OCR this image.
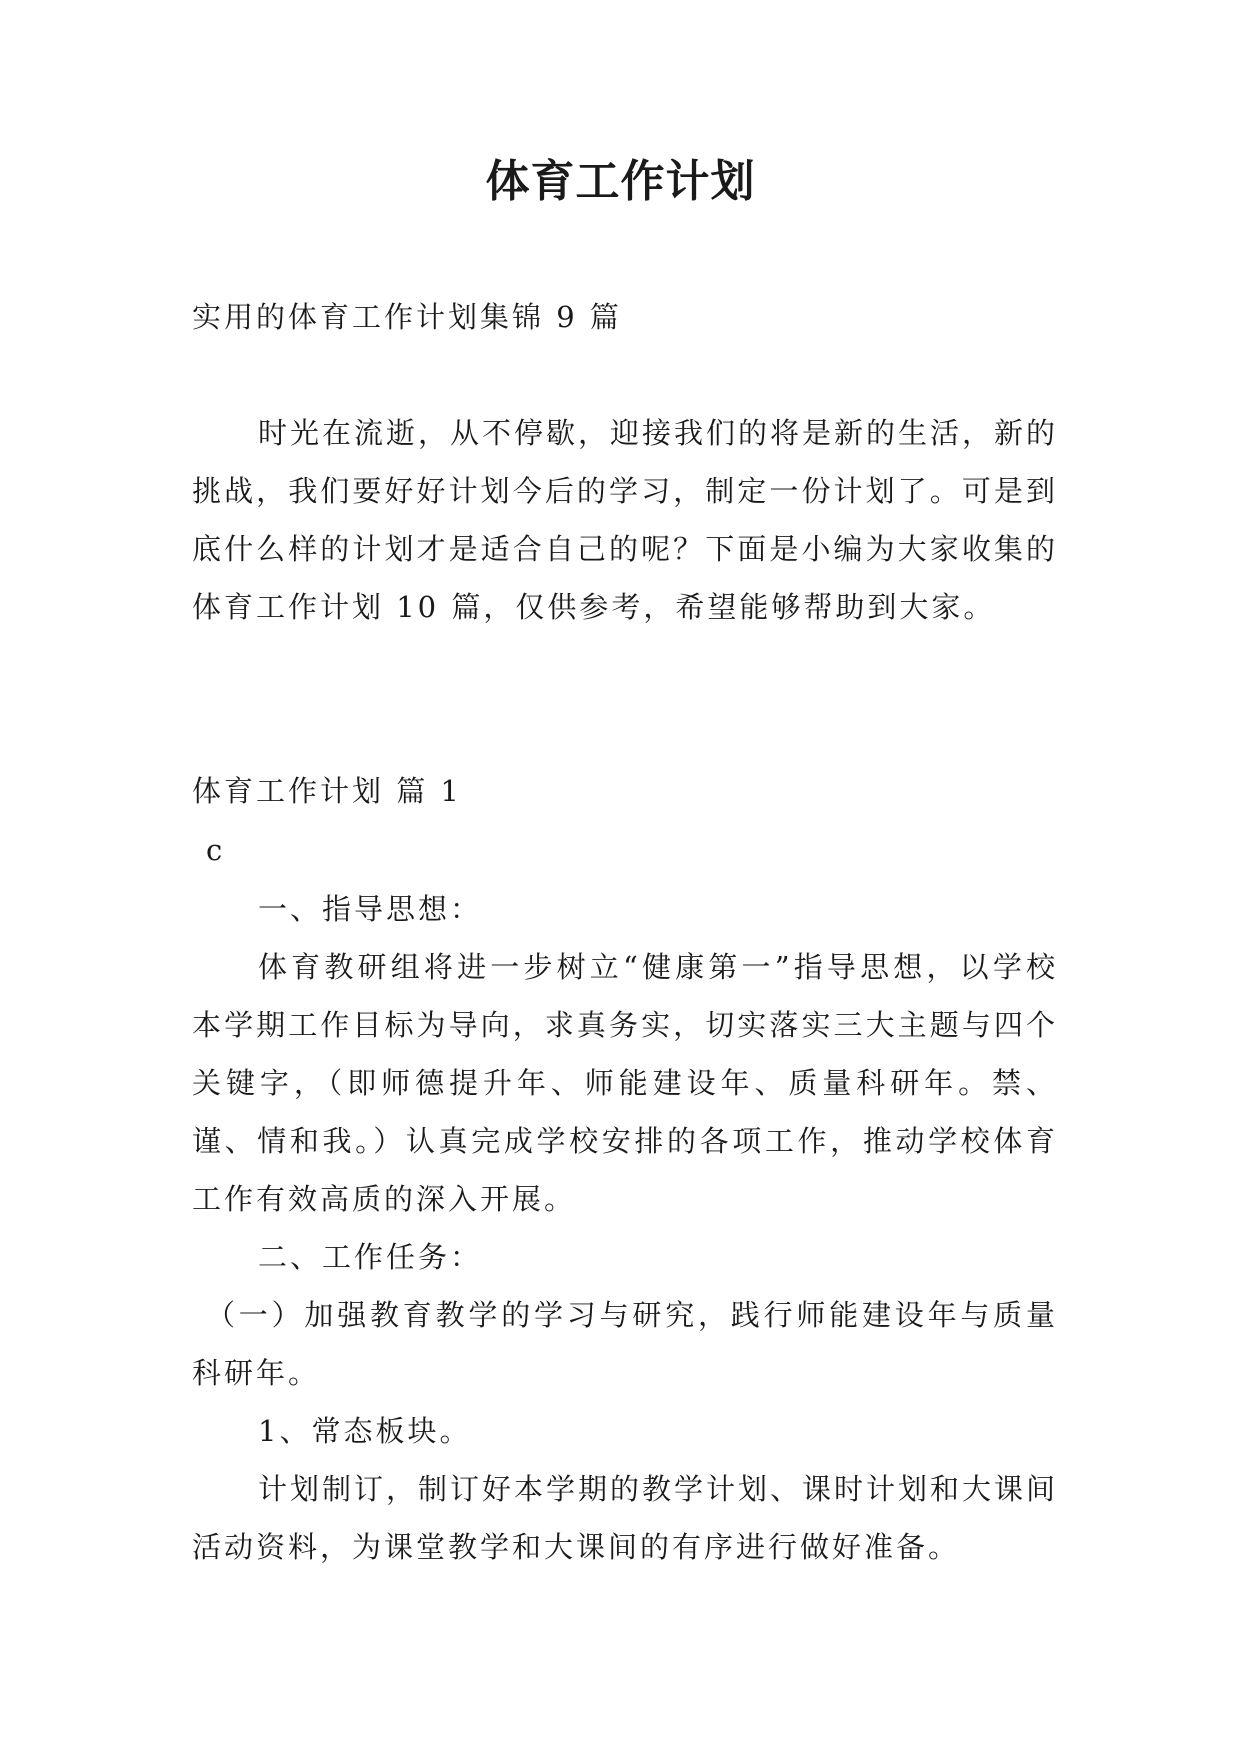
体育工作计划
实用的体育工作计划集锦 9 篇
时光在流逝，从不停歇，迎接我们的将是新的生活，新的挑战，我们要好好计划今后的学习，制定一份计划了。可是到底什么样的计划才是适合自己的呢？下面是小编为大家收集的体育工作计划 10 篇，仅供参考，希望能够帮助到大家。

体育工作计划 篇 1

c

一、指导思想：

体育教研组将进一步树立“健康第一”指导思想，以学校本学期工作目标为导向，求真务实，切实落实三大主题与四个关键字，（即师德提升年、师能建设年、质量科研年。禁、谨、情和我。）认真完成学校安排的各项工作，推动学校体育工作有效高质的深入开展。

二、工作任务：

（一）加强教育教学的学习与研究，践行师能建设年与质量科研年。

1、常态板块。

计划制订，制订好本学期的教学计划、课时计划和大课间活动资料，为课堂教学和大课间的有序进行做好准备。
